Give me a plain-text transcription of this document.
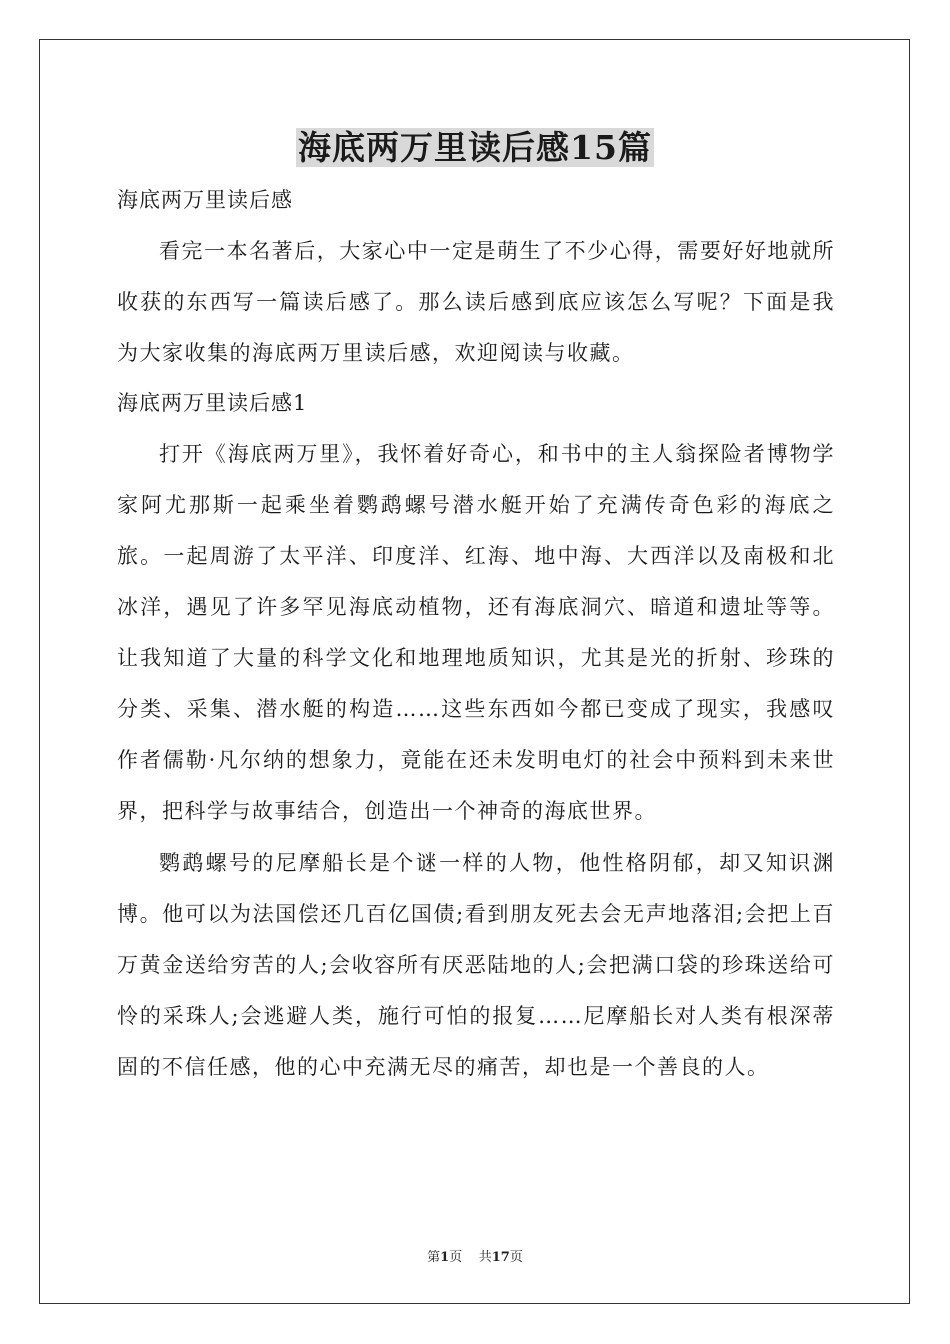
海底两万里读后感15篇

海底两万里读后感

看完一本名著后，大家心中一定是萌生了不少心得，需要好好地就所收获的东西写一篇读后感了。那么读后感到底应该怎么写呢？下面是我为大家收集的海底两万里读后感，欢迎阅读与收藏。

海底两万里读后感1

打开《海底两万里》，我怀着好奇心，和书中的主人翁探险者博物学家阿尤那斯一起乘坐着鹦鹉螺号潜水艇开始了充满传奇色彩的海底之旅。一起周游了太平洋、印度洋、红海、地中海、大西洋以及南极和北冰洋，遇见了许多罕见海底动植物，还有海底洞穴、暗道和遗址等等。让我知道了大量的科学文化和地理地质知识，尤其是光的折射、珍珠的分类、采集、潜水艇的构造……这些东西如今都已变成了现实，我感叹作者儒勒·凡尔纳的想象力，竟能在还未发明电灯的社会中预料到未来世界，把科学与故事结合，创造出一个神奇的海底世界。

鹦鹉螺号的尼摩船长是个谜一样的人物，他性格阴郁，却又知识渊博。他可以为法国偿还几百亿国债;看到朋友死去会无声地落泪;会把上百万黄金送给穷苦的人;会收容所有厌恶陆地的人;会把满口袋的珍珠送给可怜的采珠人;会逃避人类，施行可怕的报复……尼摩船长对人类有根深蒂固的不信任感，他的心中充满无尽的痛苦，却也是一个善良的人。

第1页 共17页
